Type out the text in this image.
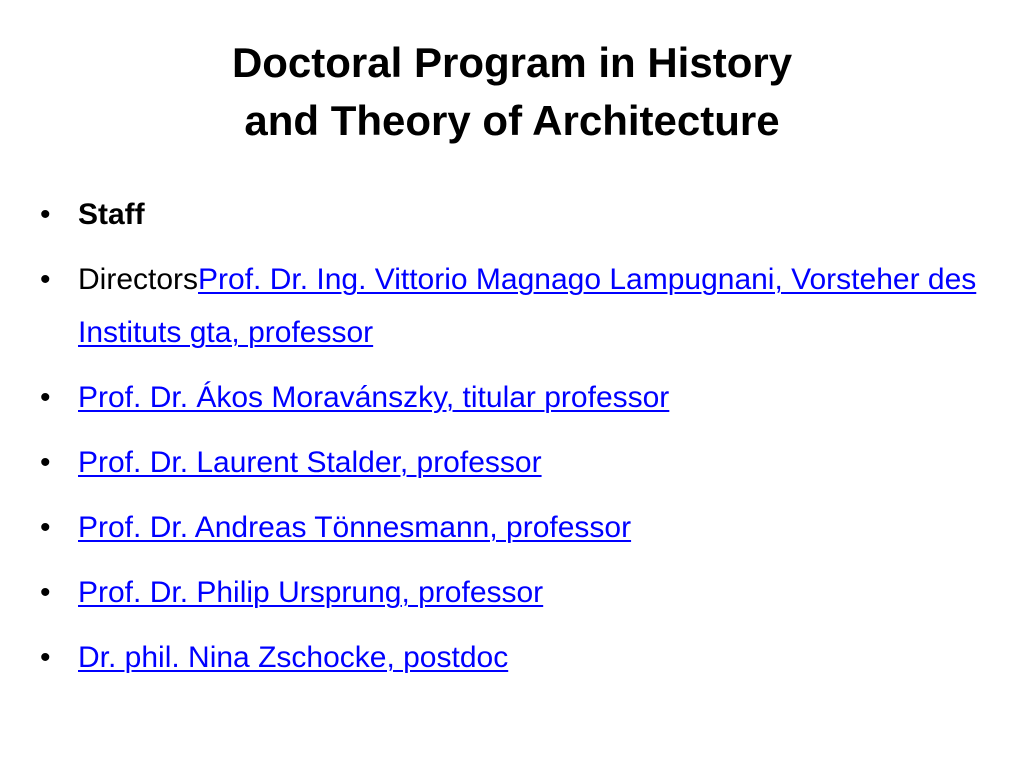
Doctoral Program in History
and Theory of Architecture
• Staff
• DirectorsProf. Dr. Ing. Vittorio Magnago Lampugnani, Vorsteher des Instituts gta, professor
• Prof. Dr. Ákos Moravánszky, titular professor
• Prof. Dr. Laurent Stalder, professor
• Prof. Dr. Andreas Tönnesmann, professor
• Prof. Dr. Philip Ursprung, professor
• Dr. phil. Nina Zschocke, postdoc
